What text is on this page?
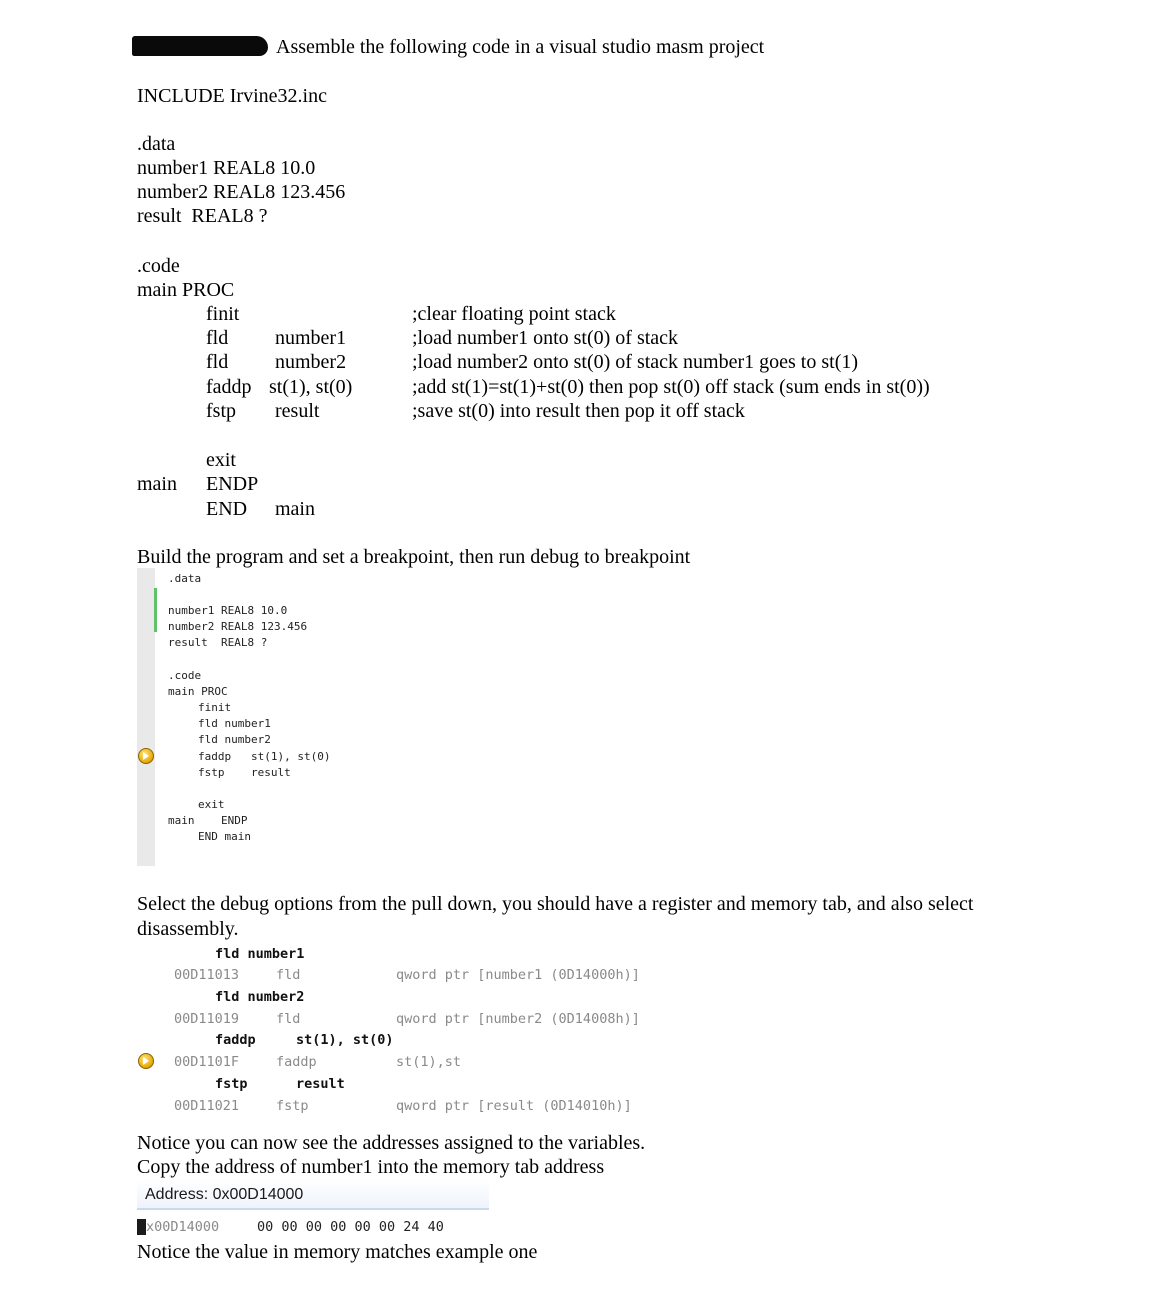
Assemble the following code in a visual studio masm project
INCLUDE Irvine32.inc
.data
number1 REAL8 10.0
number2 REAL8 123.456
result  REAL8 ?
.code
main PROC
finit	;clear floating point stack
fld number1	;load number1 onto st(0) of stack
fld number2	;load number2 onto st(0) of stack number1 goes to st(1)
faddp st(1), st(0)	;add st(1)=st(1)+st(0) then pop st(0) off stack (sum ends in st(0))
fstp result	;save st(0) into result then pop it off stack
exit
main ENDP
END main
Build the program and set a breakpoint, then run debug to breakpoint
.data
number1 REAL8 10.0
number2 REAL8 123.456
result  REAL8 ?
.code
main PROC
finit
fld number1
fld number2
faddp   st(1), st(0)
fstp    result
exit
main    ENDP
END main
Select the debug options from the pull down, you should have a register and memory tab, and also select
disassembly.
fld number1
00D11013	fld	qword ptr [number1 (0D14000h)]
fld number2
00D11019	fld	qword ptr [number2 (0D14008h)]
faddp	st(1), st(0)
00D1101F	faddp	st(1),st
fstp	result
00D11021	fstp	qword ptr [result (0D14010h)]
Notice you can now see the addresses assigned to the variables.
Copy the address of number1 into the memory tab address
Address: 0x00D14000
x00D14000	00 00 00 00 00 00 24 40
Notice the value in memory matches example one
